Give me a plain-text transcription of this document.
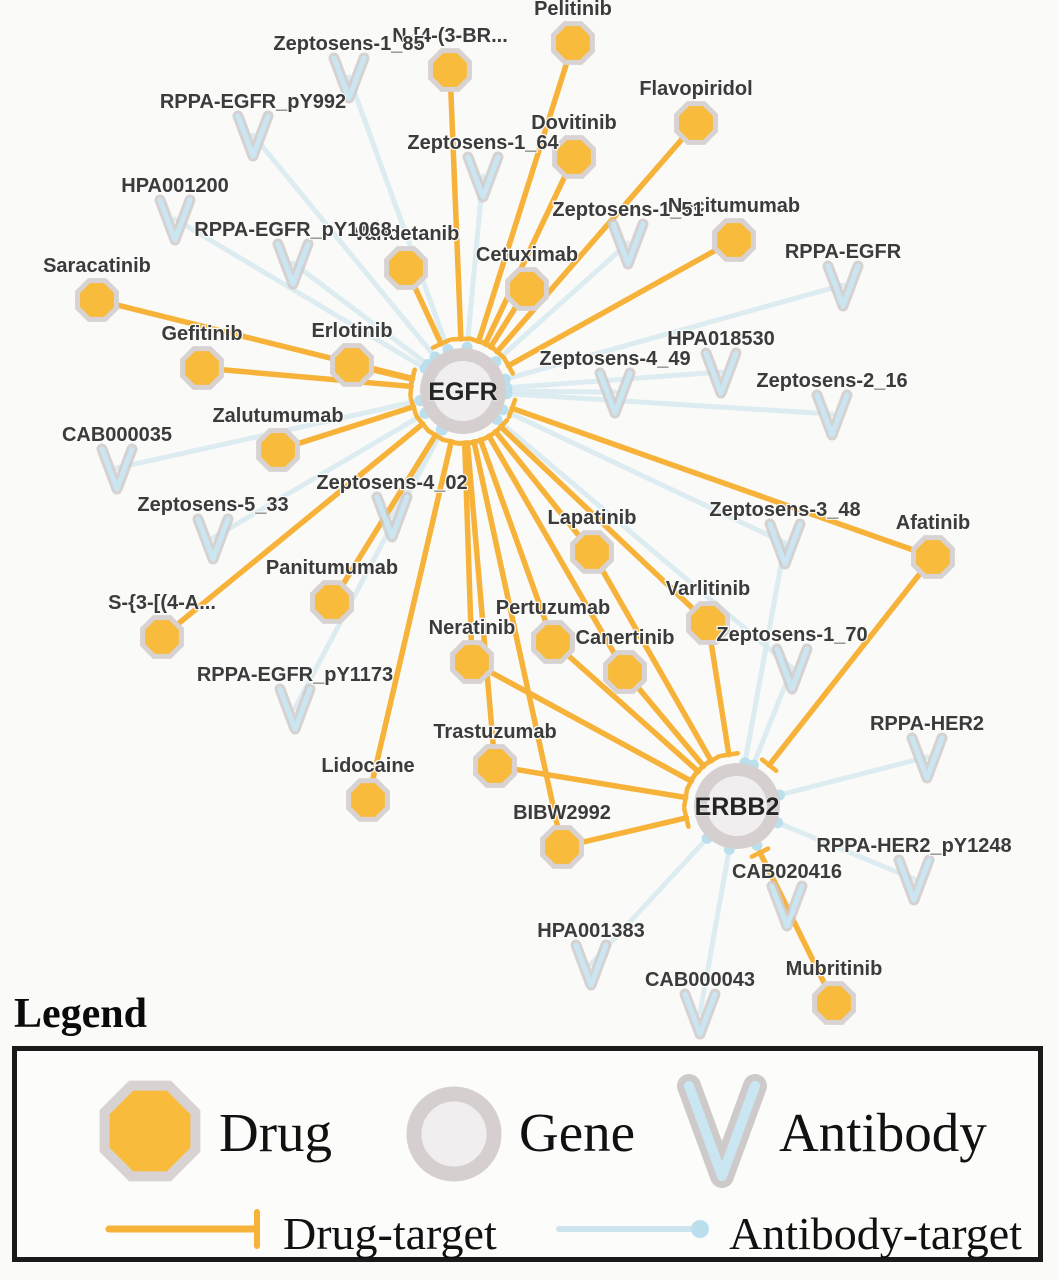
Pelitinib
N-[4-(3-BR...
Flavopiridol
Dovitinib
Necitumumab
Vandetanib
Cetuximab
Saracatinib
Erlotinib
Gefitinib
Zalutumumab
Panitumumab
S-{3-[(4-A...
Lapatinib	Afatinib
Varlitinib
Pertuzumab
Neratinib	Canertinib
Trastuzumab
Lidocaine
BIBW2992
Mubritinib
Zeptosens-1_85
RPPA-EGFR_pY992
Zeptosens-1_64
HPA001200
Zeptosens-1_51
RPPA-EGFR_pY1068
RPPA-EGFR
HPA018530
Zeptosens-4_49
Zeptosens-2_16
CAB000035
Zeptosens-4_02
Zeptosens-5_33	Zeptosens-3_48
Zeptosens-1_70
RPPA-EGFR_pY1173
RPPA-HER2
RPPA-HER2_pY1248
CAB020416
HPA001383
CAB000043
EGFR
ERBB2
Legend
Drug	Gene	Antibody
Drug-target	Antibody-target
